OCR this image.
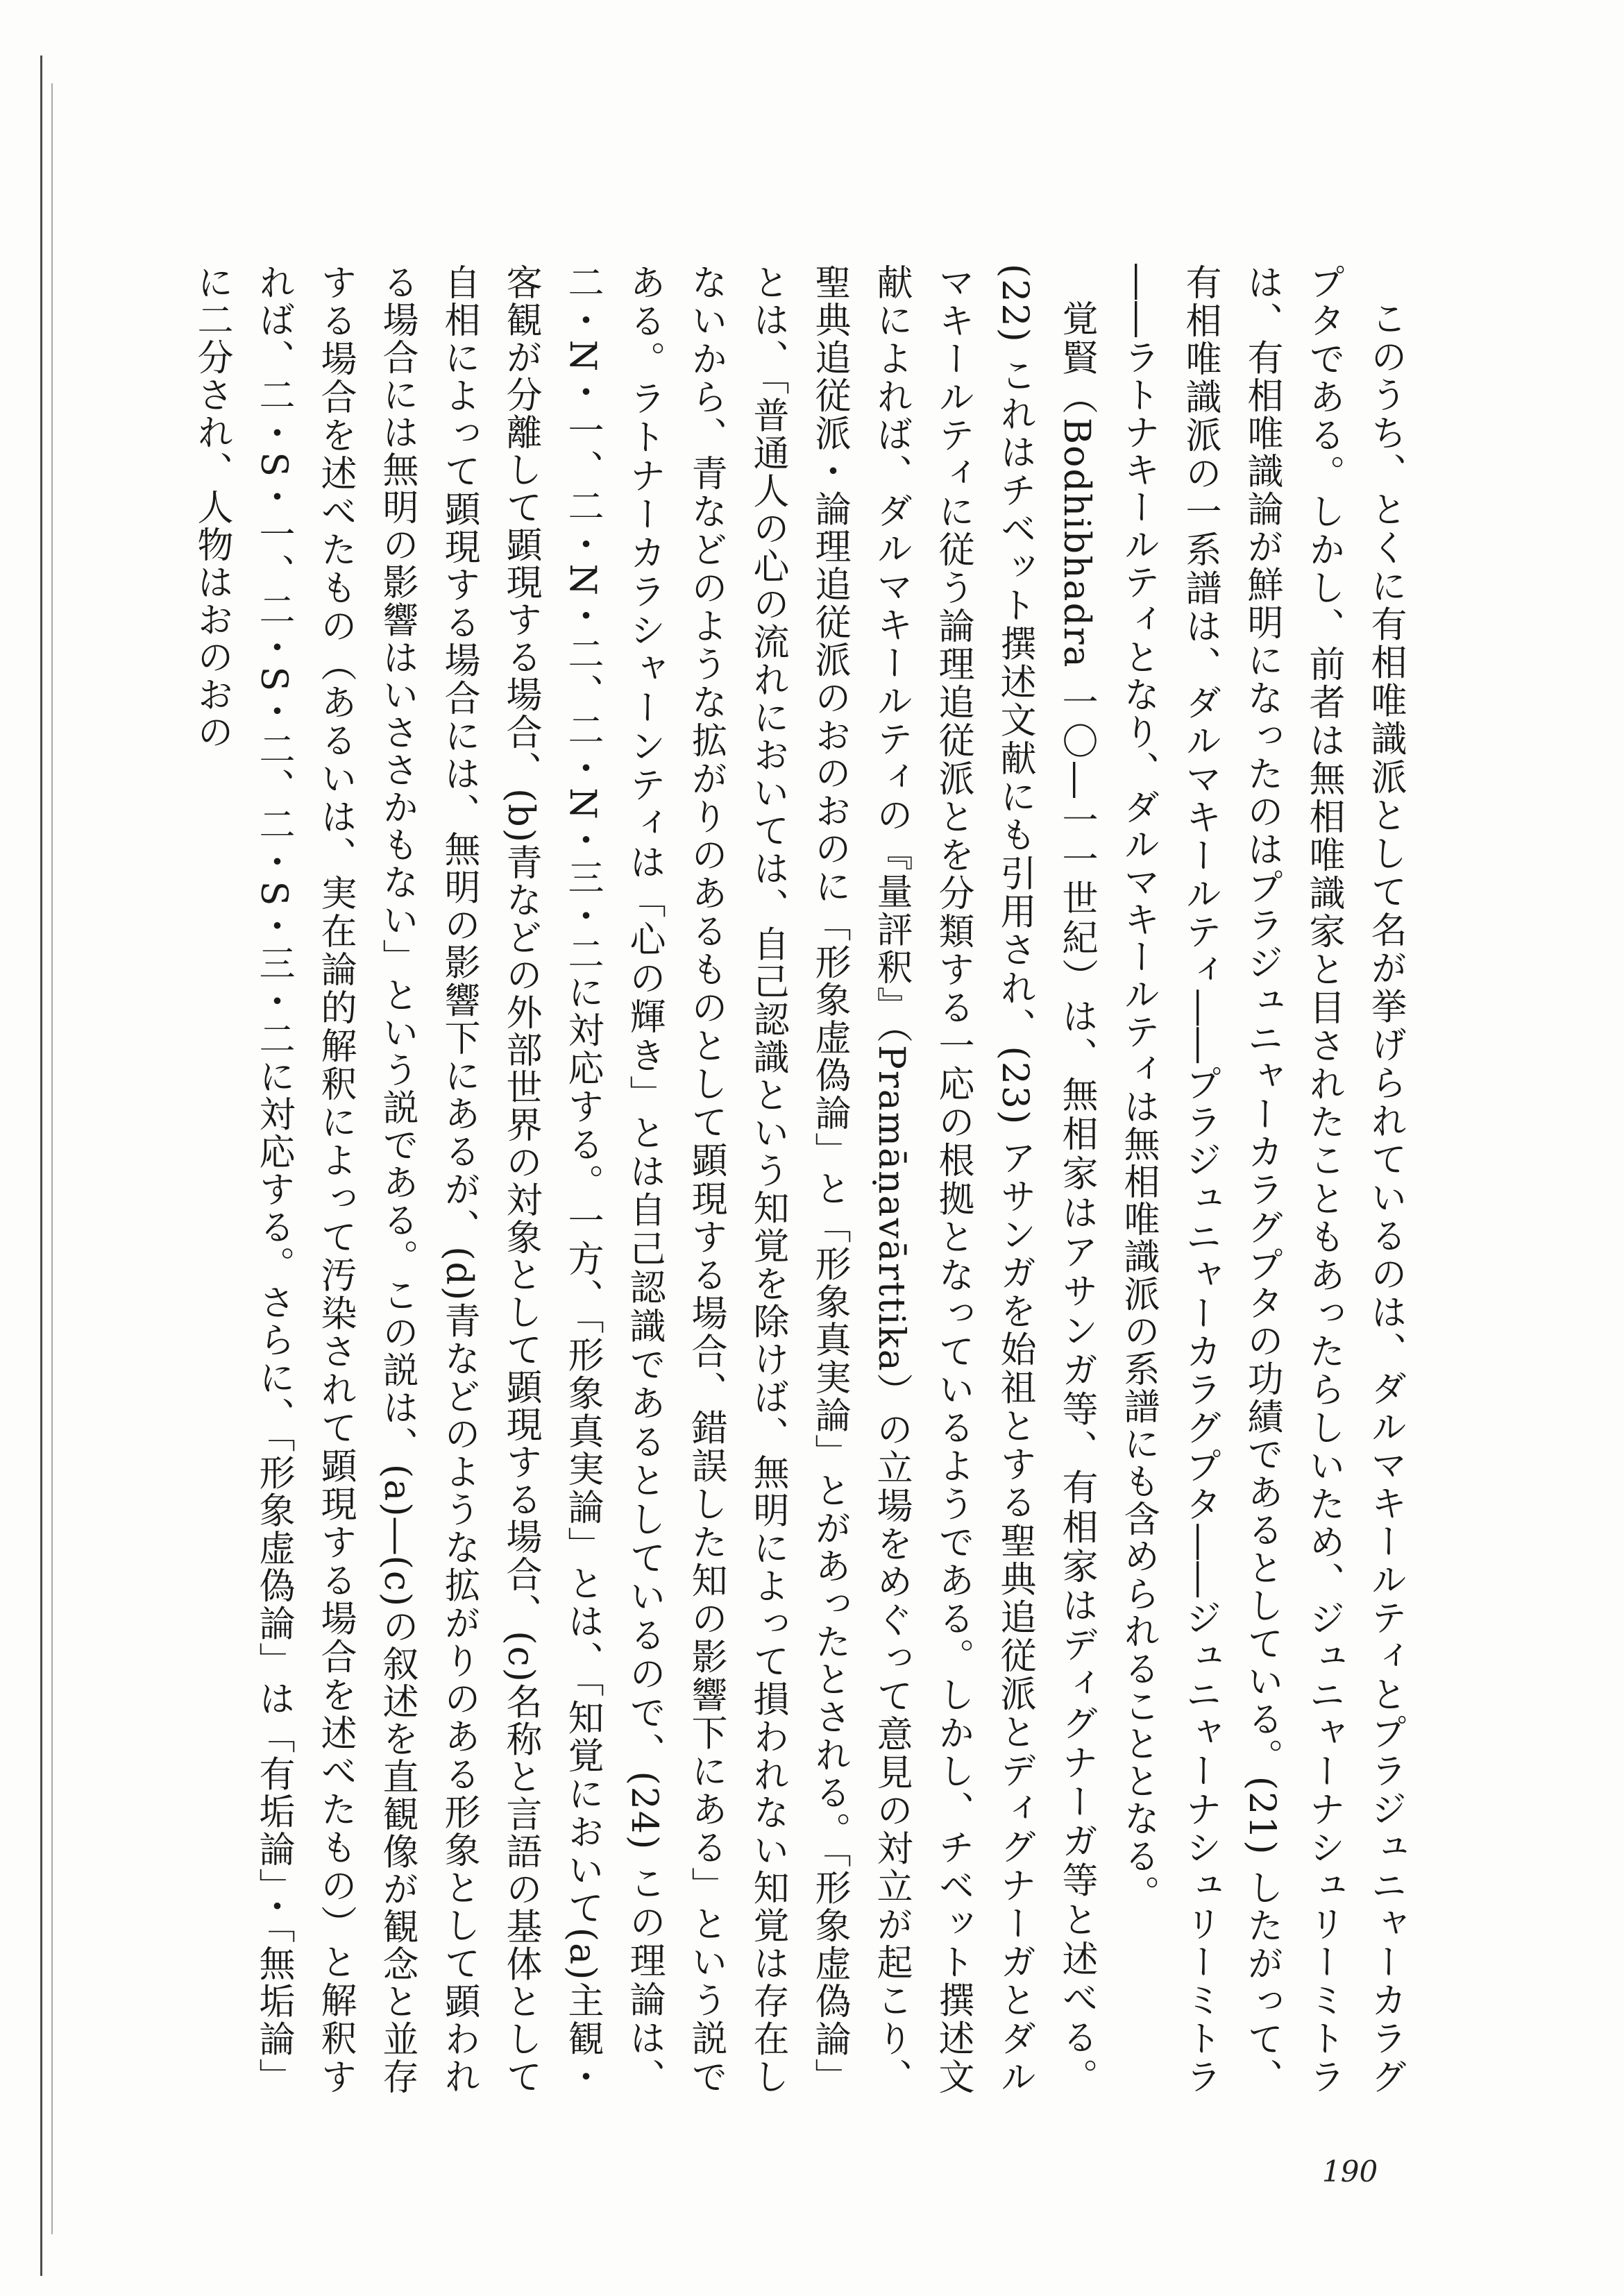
このうち、とくに有相唯識派として名が挙げられているのは、ダルマキールティとプラジュニャーカラグプタである。しかし、前者は無相唯識家と目されたこともあったらしいため、ジュニャーナシュリーミトラは、有相唯識論が鮮明になったのはプラジュニャーカラグプタの功績であるとしている。(21) したがって、有相唯識派の一系譜は、ダルマキールティ――プラジュニャーカラグプタ――ジュニャーナシュリーミトラ――ラトナキールティとなり、ダルマキールティは無相唯識派の系譜にも含められることとなる。

覚賢（Bodhibhadra 一〇―一一世紀）は、無相家はアサンガ等、有相家はディグナーガ等と述べる。(22) これはチベット撰述文献にも引用され、(23) アサンガを始祖とする聖典追従派とディグナーガとダルマキールティに従う論理追従派とを分類する一応の根拠となっているようである。しかし、チベット撰述文献によれば、ダルマキールティの『量評釈』（Pramāṇavārttika）の立場をめぐって意見の対立が起こり、聖典追従派・論理追従派のおのおのに「形象虚偽論」と「形象真実論」とがあったとされる。「形象虚偽論」とは、「普通人の心の流れにおいては、自己認識という知覚を除けば、無明によって損われない知覚は存在しないから、青などのような拡がりのあるものとして顕現する場合、錯誤した知の影響下にある」という説である。ラトナーカラシャーンティは「心の輝き」とは自己認識であるとしているので、(24) この理論は、二・N・一、二・N・二、二・N・三・二に対応する。一方、「形象真実論」とは、「知覚において(a)主観・客観が分離して顕現する場合、(b)青などの外部世界の対象として顕現する場合、(c)名称と言語の基体として自相によって顕現する場合には、無明の影響下にあるが、(d)青などのような拡がりのある形象として顕われる場合には無明の影響はいささかもない」という説である。この説は、(a)―(c)の叙述を直観像が観念と並存する場合を述べたもの（あるいは、実在論的解釈によって汚染されて顕現する場合を述べたもの）と解釈すれば、二・S・一、二・S・二、二・S・三・二に対応する。さらに、「形象虚偽論」は「有垢論」・「無垢論」に二分され、人物はおのおの

190
